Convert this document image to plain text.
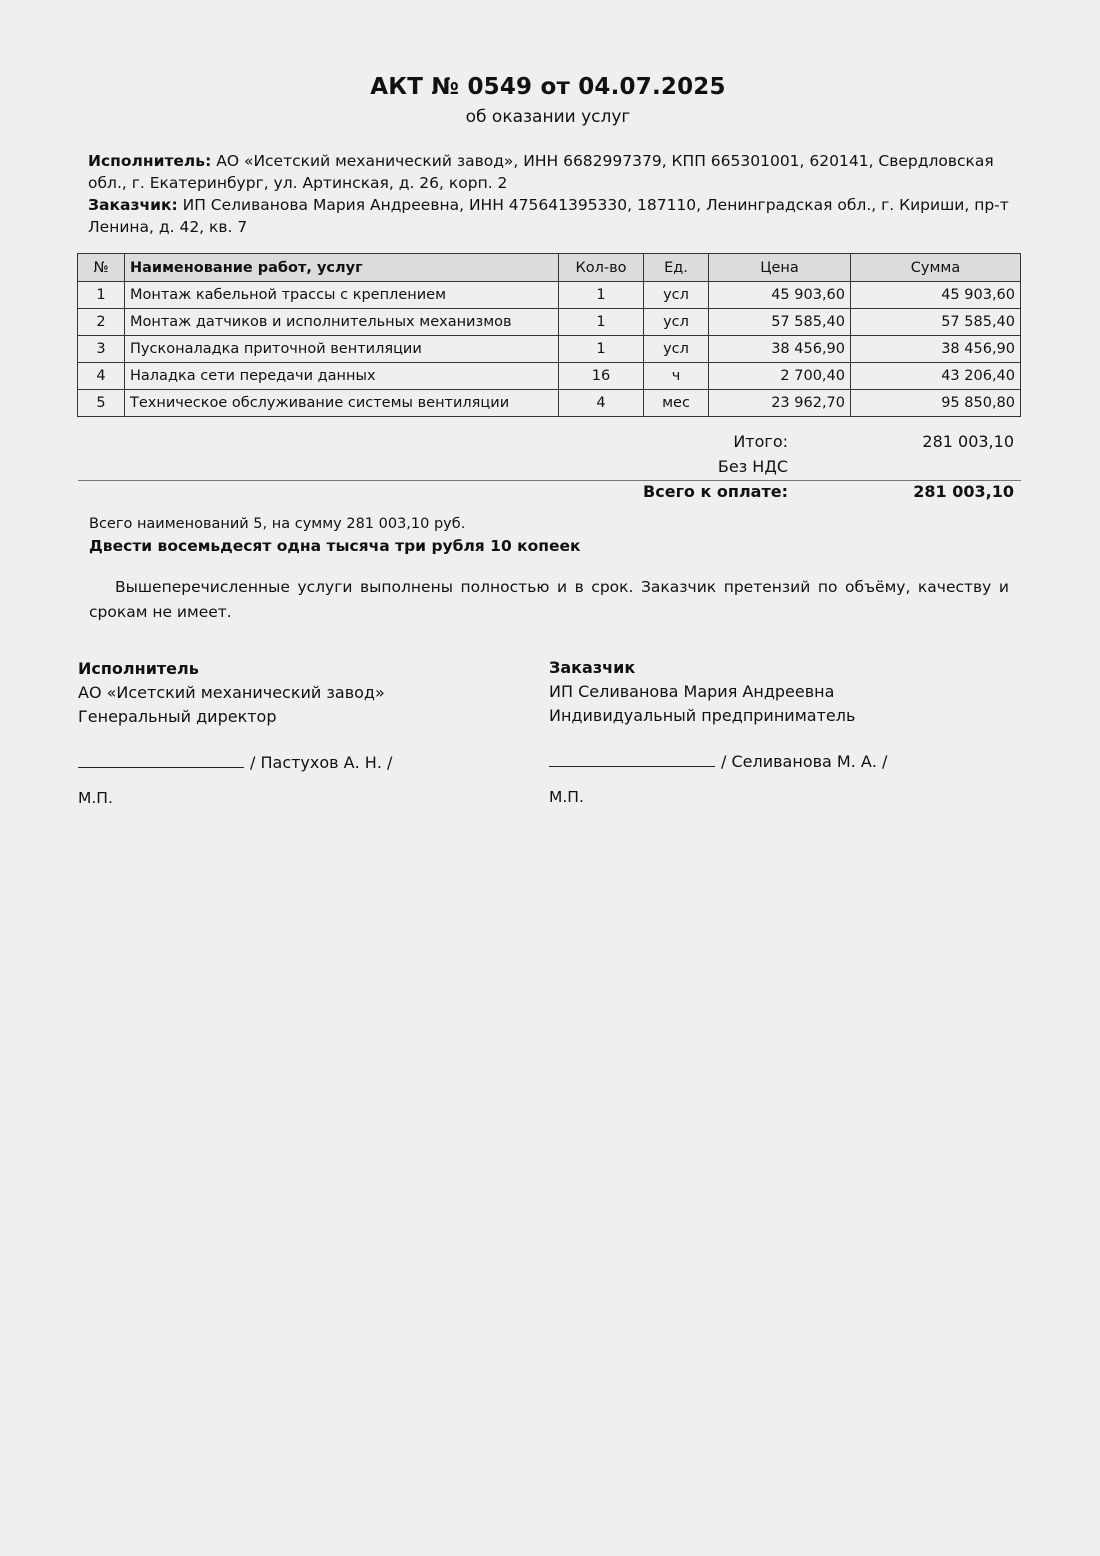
АКТ № 0549 от 04.07.2025
об оказании услуг
Исполнитель: АО «Исетский механический завод», ИНН 6682997379, КПП 665301001, 620141, Свердловская обл., г. Екатеринбург, ул. Артинская, д. 26, корп. 2
Заказчик: ИП Селиванова Мария Андреевна, ИНН 475641395330, 187110, Ленинградская обл., г. Кириши, пр-т Ленина, д. 42, кв. 7
№	Наименование работ, услуг	Кол-во	Ед.	Цена	Сумма
1	Монтаж кабельной трассы с креплением	1	усл	45 903,60	45 903,60
2	Монтаж датчиков и исполнительных механизмов	1	усл	57 585,40	57 585,40
3	Пусконаладка приточной вентиляции	1	усл	38 456,90	38 456,90
4	Наладка сети передачи данных	16	ч	2 700,40	43 206,40
5	Техническое обслуживание системы вентиляции	4	мес	23 962,70	95 850,80
Итого:	281 003,10
Без НДС
Всего к оплате:	281 003,10
Всего наименований 5, на сумму 281 003,10 руб.
Двести восемьдесят одна тысяча три рубля 10 копеек
Вышеперечисленные услуги выполнены полностью и в срок. Заказчик претензий по объёму, качеству и срокам не имеет.
Исполнитель
АО «Исетский механический завод»
Генеральный директор
/ Пастухов А. Н. /
М.П.
Заказчик
ИП Селиванова Мария Андреевна
Индивидуальный предприниматель
/ Селиванова М. А. /
М.П.
